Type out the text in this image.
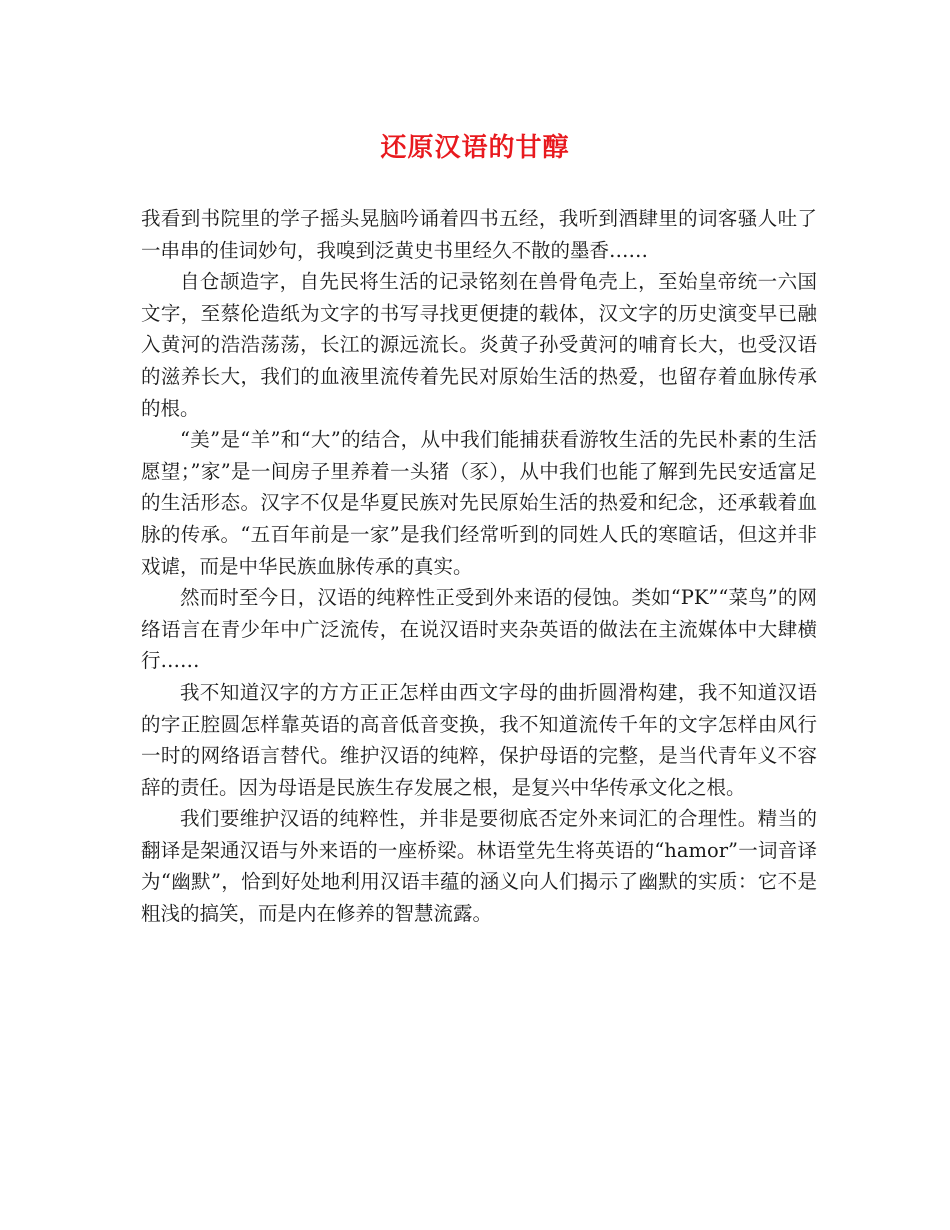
还原汉语的甘醇

我看到书院里的学子摇头晃脑吟诵着四书五经，我听到酒肆里的词客骚人吐了一串串的佳词妙句，我嗅到泛黄史书里经久不散的墨香……

自仓颉造字，自先民将生活的记录铭刻在兽骨龟壳上，至始皇帝统一六国文字，至蔡伦造纸为文字的书写寻找更便捷的载体，汉文字的历史演变早已融入黄河的浩浩荡荡，长江的源远流长。炎黄子孙受黄河的哺育长大，也受汉语的滋养长大，我们的血液里流传着先民对原始生活的热爱，也留存着血脉传承的根。

“美”是“羊”和“大”的结合，从中我们能捕获看游牧生活的先民朴素的生活愿望；”家”是一间房子里养着一头猪（豕），从中我们也能了解到先民安适富足的生活形态。汉字不仅是华夏民族对先民原始生活的热爱和纪念，还承载着血脉的传承。“五百年前是一家”是我们经常听到的同姓人氏的寒暄话，但这并非戏谑，而是中华民族血脉传承的真实。

然而时至今日，汉语的纯粹性正受到外来语的侵蚀。类如“PK”“菜鸟”的网络语言在青少年中广泛流传，在说汉语时夹杂英语的做法在主流媒体中大肆横行……

我不知道汉字的方方正正怎样由西文字母的曲折圆滑构建，我不知道汉语的字正腔圆怎样靠英语的高音低音变换，我不知道流传千年的文字怎样由风行一时的网络语言替代。维护汉语的纯粹，保护母语的完整，是当代青年义不容辞的责任。因为母语是民族生存发展之根，是复兴中华传承文化之根。

我们要维护汉语的纯粹性，并非是要彻底否定外来词汇的合理性。精当的翻译是架通汉语与外来语的一座桥梁。林语堂先生将英语的“hamor”一词音译为“幽默”，恰到好处地利用汉语丰蕴的涵义向人们揭示了幽默的实质：它不是粗浅的搞笑，而是内在修养的智慧流露。
